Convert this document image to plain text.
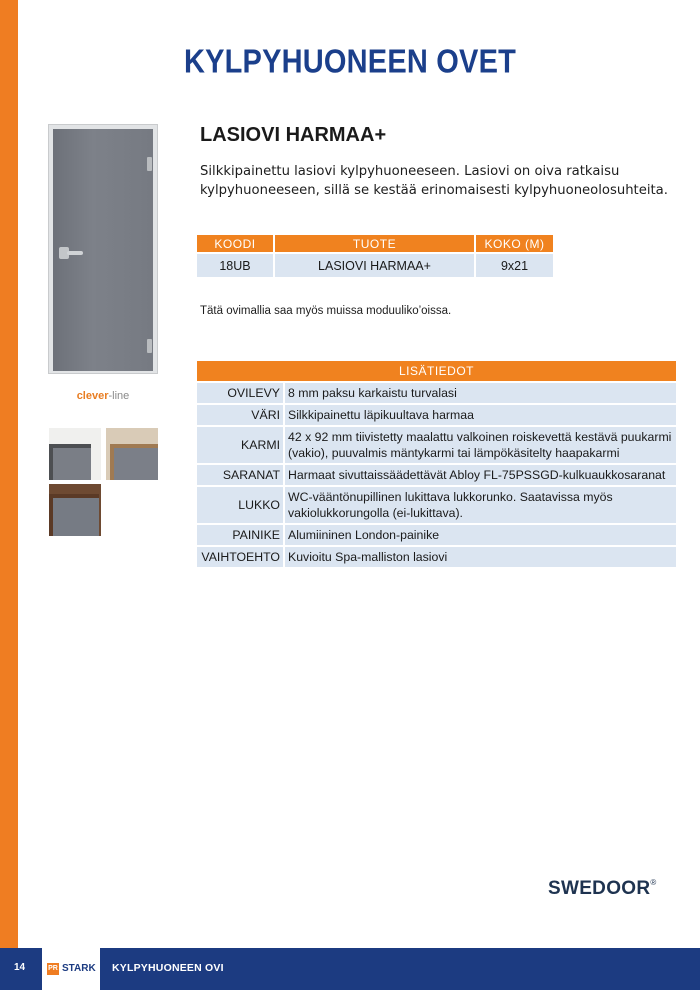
KYLPYHUONEEN OVET
clever-line
LASIOVI HARMAA+

Silkkipainettu lasiovi kylpyhuoneeseen. Lasiovi on oiva ratkaisu kylpyhuoneeseen, sillä se kestää erinomaisesti kylpyhuoneolosuhteita.

KOODI	TUOTE	KOKO (M)
18UB	LASIOVI HARMAA+	9x21

Tätä ovimallia saa myös muissa moduuliko’oissa.

LISÄTIEDOT	
OVILEVY	8 mm paksu karkaistu turvalasi
VÄRI	Silkkipainettu läpikuultava harmaa
KARMI	42 x 92 mm tiivistetty maalattu valkoinen roiskevettä kestävä puukarmi (vakio), puuvalmis mäntykarmi tai lämpökäsitelty haapakarmi
SARANAT	Harmaat sivuttaissäädettävät Abloy FL-75PSSGD-kulkuaukkosaranat
LUKKO	WC-vääntönupillinen lukittava lukkorunko. Saatavissa myös vakiolukkorungolla (ei-lukittava).
PAINIKE	Alumiininen London-painike
VAIHTOEHTO	Kuvioitu Spa-malliston lasiovi
SWEDOOR®
14	PR STARK KYLPYHUONEEN OVI
